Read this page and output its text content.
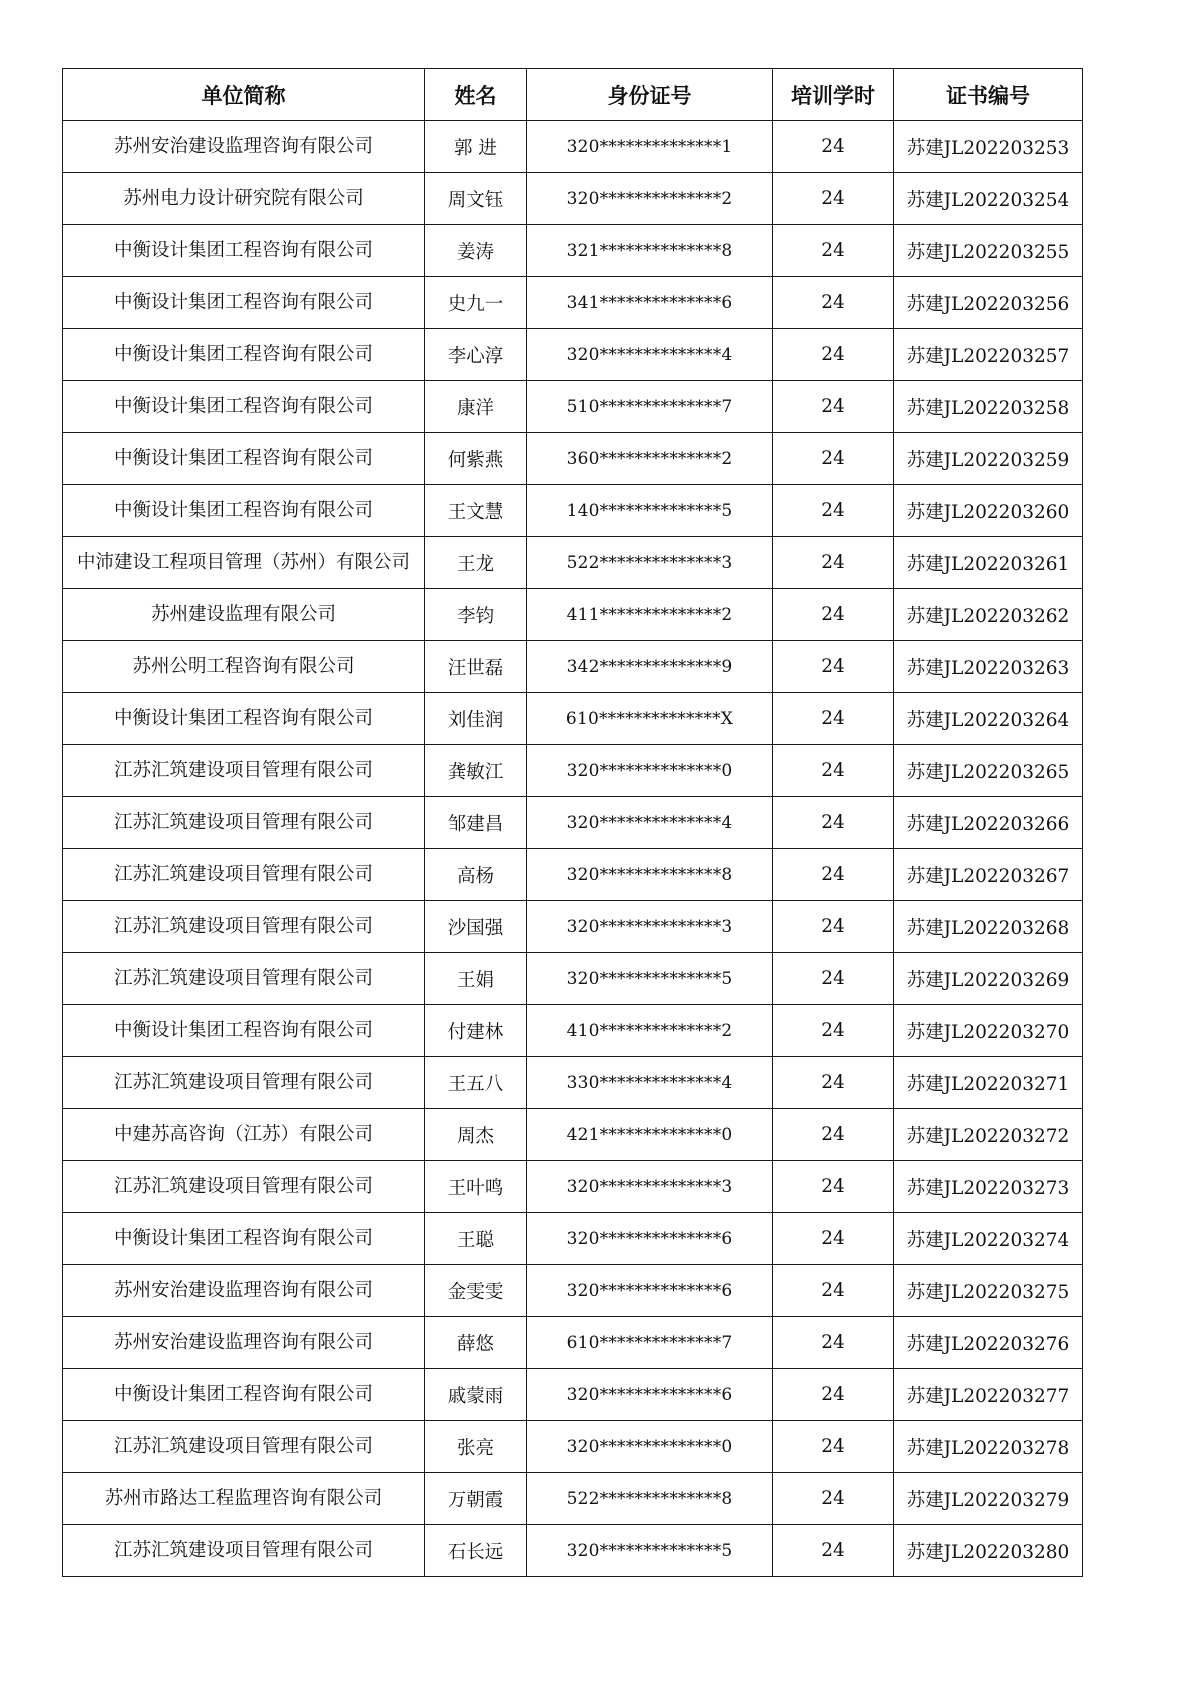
单位简称	姓名	身份证号	培训学时	证书编号
苏州安治建设监理咨询有限公司	郭 进	320**************1	24	苏建JL202203253
苏州电力设计研究院有限公司	周文钰	320**************2	24	苏建JL202203254
中衡设计集团工程咨询有限公司	姜涛	321**************8	24	苏建JL202203255
中衡设计集团工程咨询有限公司	史九一	341**************6	24	苏建JL202203256
中衡设计集团工程咨询有限公司	李心淳	320**************4	24	苏建JL202203257
中衡设计集团工程咨询有限公司	康洋	510**************7	24	苏建JL202203258
中衡设计集团工程咨询有限公司	何紫燕	360**************2	24	苏建JL202203259
中衡设计集团工程咨询有限公司	王文慧	140**************5	24	苏建JL202203260
中沛建设工程项目管理（苏州）有限公司	王龙	522**************3	24	苏建JL202203261
苏州建设监理有限公司	李钧	411**************2	24	苏建JL202203262
苏州公明工程咨询有限公司	汪世磊	342**************9	24	苏建JL202203263
中衡设计集团工程咨询有限公司	刘佳润	610**************X	24	苏建JL202203264
江苏汇筑建设项目管理有限公司	龚敏江	320**************0	24	苏建JL202203265
江苏汇筑建设项目管理有限公司	邹建昌	320**************4	24	苏建JL202203266
江苏汇筑建设项目管理有限公司	高杨	320**************8	24	苏建JL202203267
江苏汇筑建设项目管理有限公司	沙国强	320**************3	24	苏建JL202203268
江苏汇筑建设项目管理有限公司	王娟	320**************5	24	苏建JL202203269
中衡设计集团工程咨询有限公司	付建林	410**************2	24	苏建JL202203270
江苏汇筑建设项目管理有限公司	王五八	330**************4	24	苏建JL202203271
中建苏高咨询（江苏）有限公司	周杰	421**************0	24	苏建JL202203272
江苏汇筑建设项目管理有限公司	王叶鸣	320**************3	24	苏建JL202203273
中衡设计集团工程咨询有限公司	王聪	320**************6	24	苏建JL202203274
苏州安治建设监理咨询有限公司	金雯雯	320**************6	24	苏建JL202203275
苏州安治建设监理咨询有限公司	薛悠	610**************7	24	苏建JL202203276
中衡设计集团工程咨询有限公司	戚蒙雨	320**************6	24	苏建JL202203277
江苏汇筑建设项目管理有限公司	张亮	320**************0	24	苏建JL202203278
苏州市路达工程监理咨询有限公司	万朝霞	522**************8	24	苏建JL202203279
江苏汇筑建设项目管理有限公司	石长远	320**************5	24	苏建JL202203280
